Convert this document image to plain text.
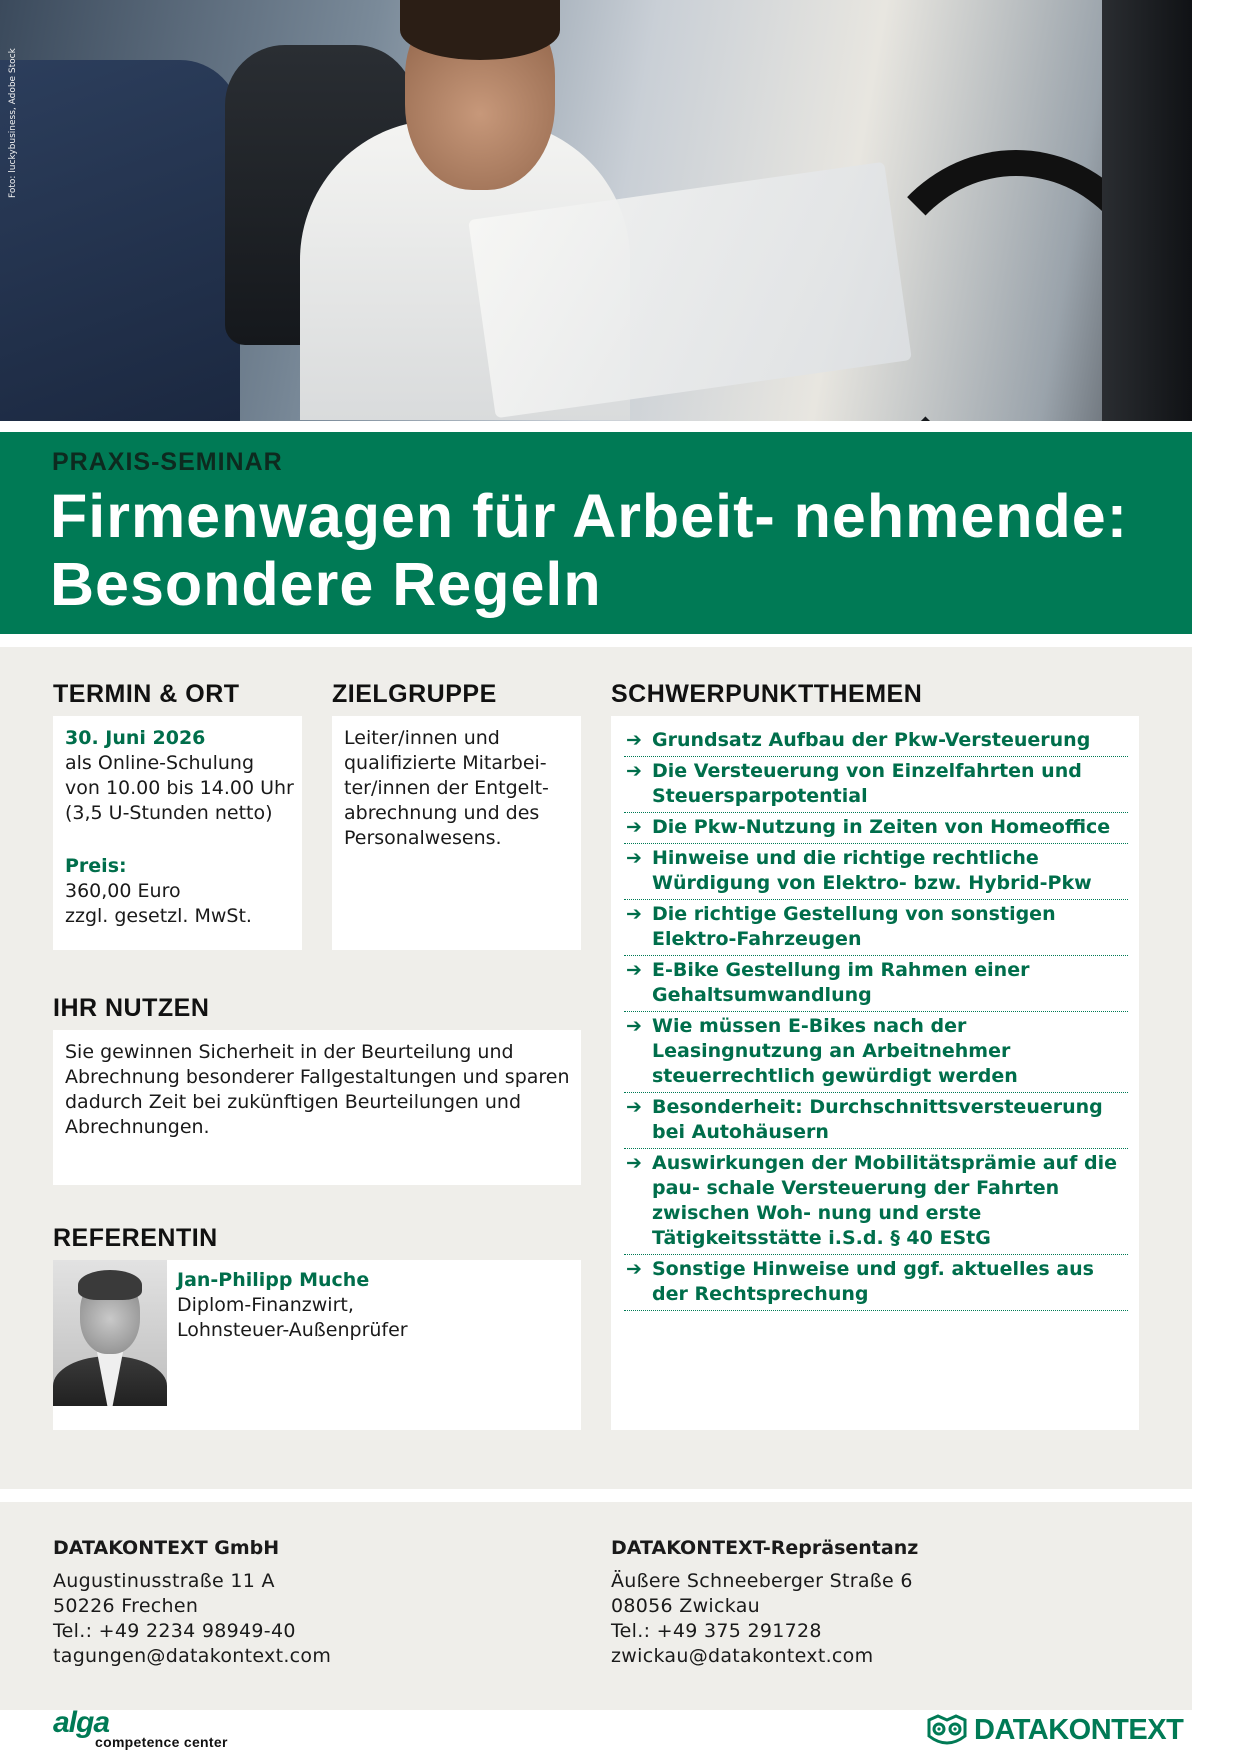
Foto: luckybusiness, Adobe Stock
PRAXIS-SEMINAR
Firmenwagen für Arbeit- nehmende: Besondere Regeln
TERMIN & ORT
30. Juni 2026
als Online-Schulung
von 10.00 bis 14.00 Uhr
(3,5 U-Stunden netto)
Preis:
360,00 Euro
zzgl. gesetzl. MwSt.
ZIELGRUPPE
Leiter/innen und qualifizierte Mitarbei- ter/innen der Entgelt- abrechnung und des Personalwesens.
SCHWERPUNKTTHEMEN
➔ Grundsatz Aufbau der Pkw-Versteuerung
➔ Die Versteuerung von Einzelfahrten und Steuersparpotential
➔ Die Pkw-Nutzung in Zeiten von Homeoffice
➔ Hinweise und die richtige rechtliche Würdigung von Elektro- bzw. Hybrid-Pkw
➔ Die richtige Gestellung von sonstigen Elektro-Fahrzeugen
➔ E-Bike Gestellung im Rahmen einer Gehaltsumwandlung
➔ Wie müssen E-Bikes nach der Leasingnutzung an Arbeitnehmer steuerrechtlich gewürdigt werden
➔ Besonderheit: Durchschnittsversteuerung bei Autohäusern
➔ Auswirkungen der Mobilitätsprämie auf die pau- schale Versteuerung der Fahrten zwischen Woh- nung und erste Tätigkeitsstätte i.S.d. § 40 EStG
➔ Sonstige Hinweise und ggf. aktuelles aus der Rechtsprechung
IHR NUTZEN
Sie gewinnen Sicherheit in der Beurteilung und Abrechnung besonderer Fallgestaltungen und sparen dadurch Zeit bei zukünftigen Beurteilungen und Abrechnungen.
REFERENTIN
Jan-Philipp Muche
Diplom-Finanzwirt,
Lohnsteuer-Außenprüfer
DATAKONTEXT GmbH
Augustinusstraße 11 A
50226 Frechen
Tel.: +49 2234 98949-40
tagungen@datakontext.com
DATAKONTEXT-Repräsentanz
Äußere Schneeberger Straße 6
08056 Zwickau
Tel.: +49 375 291728
zwickau@datakontext.com
alga
competence center	DATAKONTEXT
